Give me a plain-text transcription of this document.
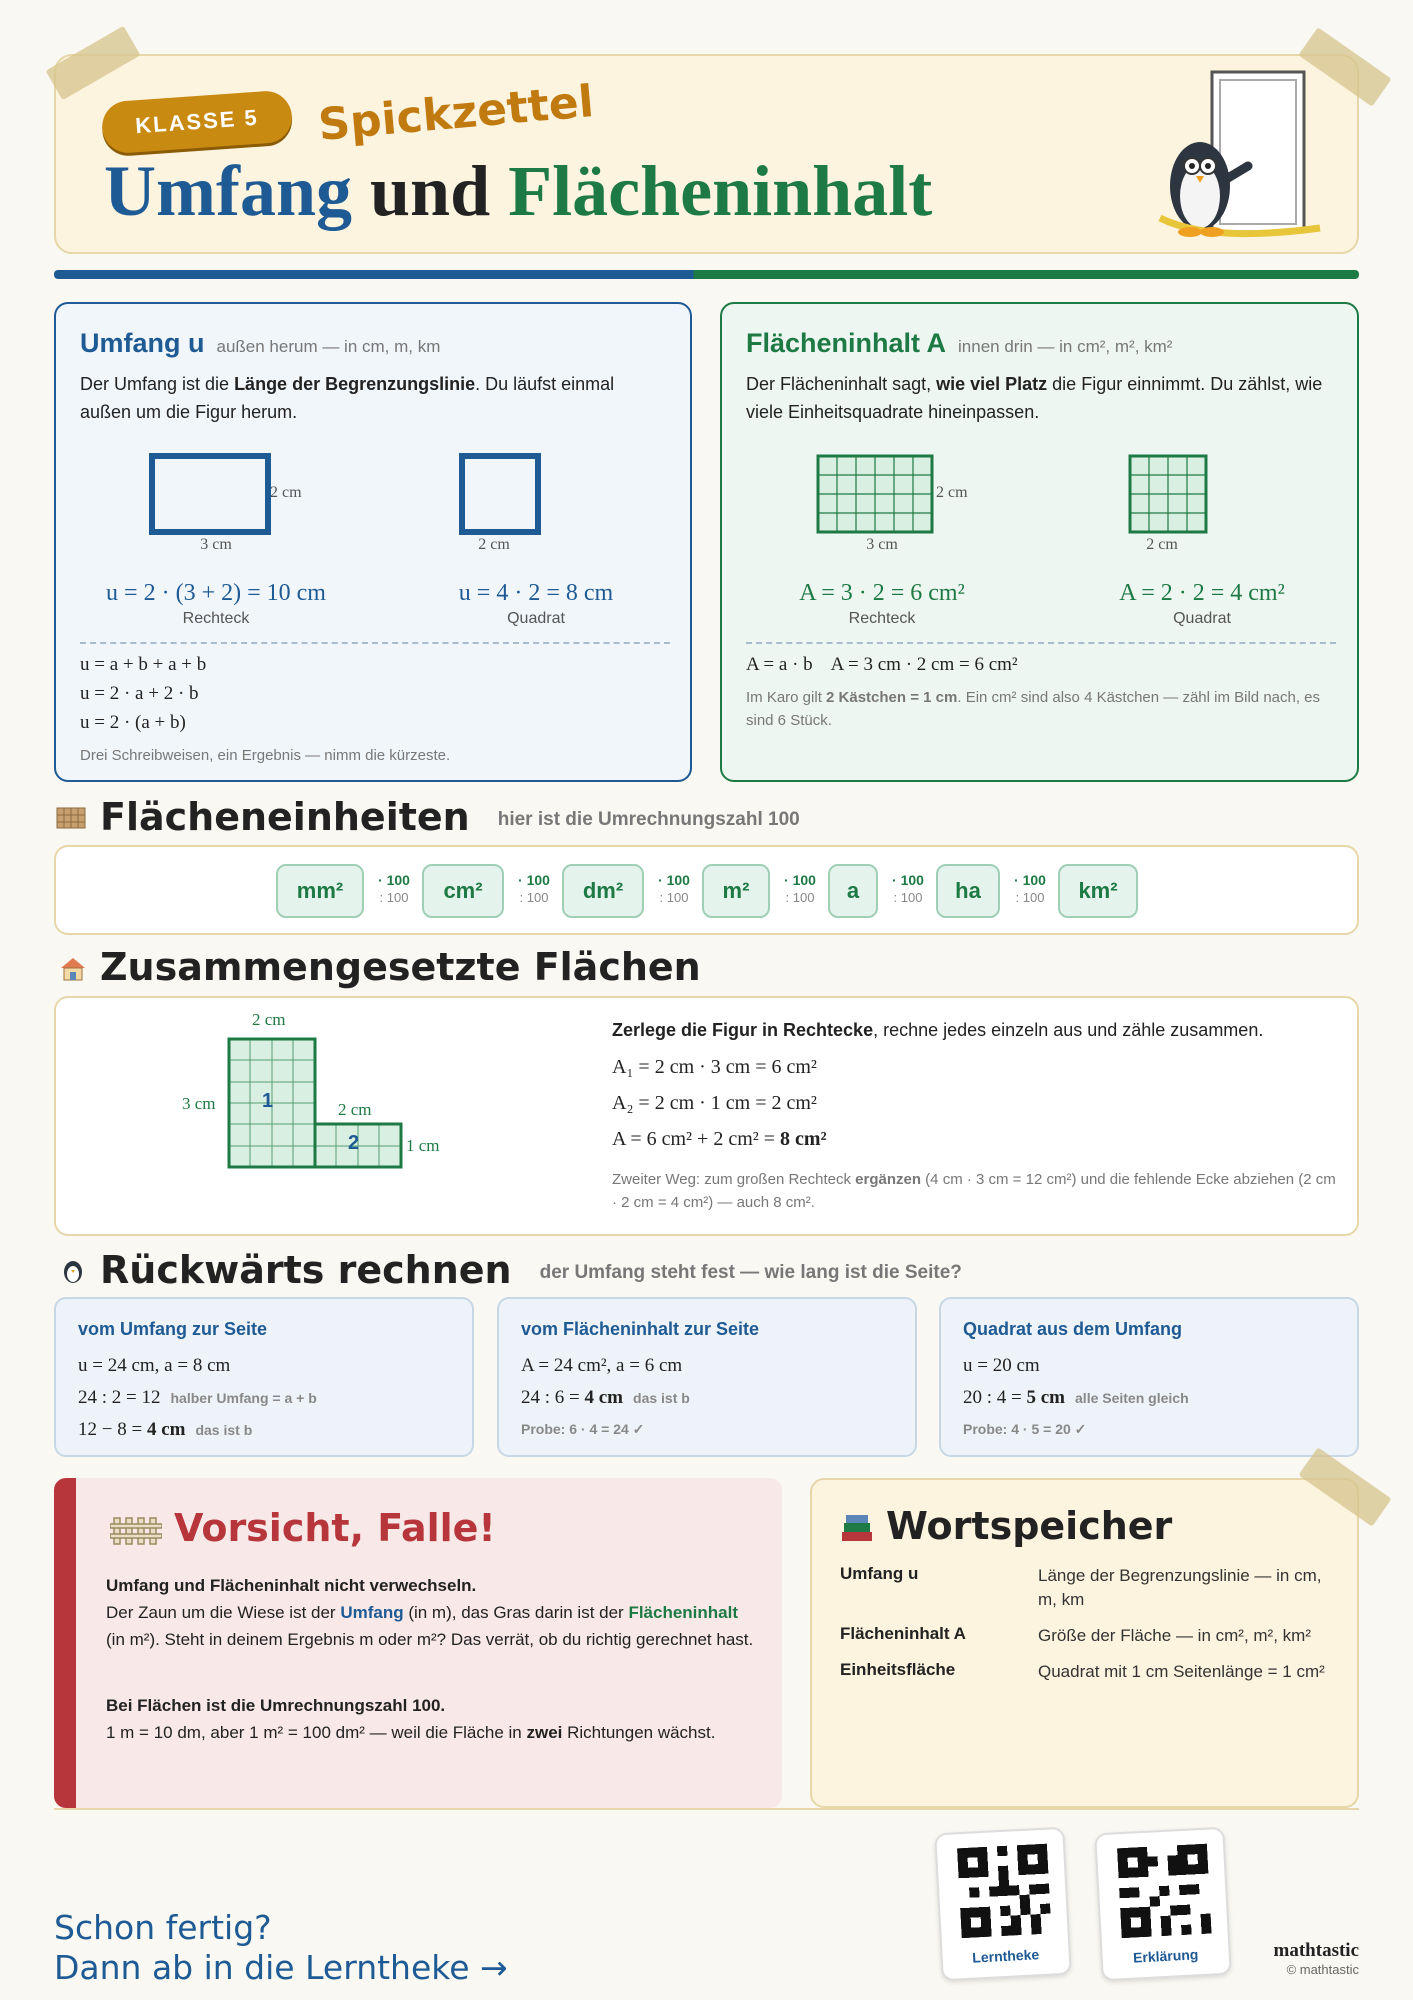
KLASSE 5	Spickzettel
Umfang und Flächeninhalt
Umfang u außen herum — in cm, m, km
Der Umfang ist die Länge der Begrenzungslinie. Du läufst einmal außen um die Figur herum.
3 cm
2 cm
2 cm
u = 2 · (3 + 2) = 10 cm
Rechteck
u = 4 · 2 = 8 cm
Quadrat
u = a + b + a + b
u = 2 · a + 2 · b
u = 2 · (a + b)
Drei Schreibweisen, ein Ergebnis — nimm die kürzeste.
Flächeninhalt A innen drin — in cm², m², km²
Der Flächeninhalt sagt, wie viel Platz die Figur einnimmt. Du zählst, wie viele Einheitsquadrate hineinpassen.
3 cm
2 cm
2 cm
A = 3 · 2 = 6 cm²
Rechteck
A = 2 · 2 = 4 cm²
Quadrat
A = a · b    A = 3 cm · 2 cm = 6 cm²
Im Karo gilt 2 Kästchen = 1 cm. Ein cm² sind also 4 Kästchen — zähl im Bild nach, es sind 6 Stück.
Flächeneinheiten hier ist die Umrechnungszahl 100
mm²	· 100
: 100	cm²	· 100
: 100	dm²	· 100
: 100	m²	· 100
: 100	a	· 100
: 100	ha	· 100
: 100	km²
Zusammengesetzte Flächen
2 cm
3 cm	2 cm
1 cm
1
2
Zerlege die Figur in Rechtecke, rechne jedes einzeln aus und zähle zusammen.
A₁ = 2 cm · 3 cm = 6 cm²
A₂ = 2 cm · 1 cm = 2 cm²
A = 6 cm² + 2 cm² = 8 cm²
Zweiter Weg: zum großen Rechteck ergänzen (4 cm · 3 cm = 12 cm²) und die fehlende Ecke abziehen (2 cm · 2 cm = 4 cm²) — auch 8 cm².
Rückwärts rechnen der Umfang steht fest — wie lang ist die Seite?
vom Umfang zur Seite
u = 24 cm, a = 8 cm
24 : 2 = 12 halber Umfang = a + b
12 − 8 = 4 cm das ist b
vom Flächeninhalt zur Seite
A = 24 cm², a = 6 cm
24 : 6 = 4 cm das ist b
Probe: 6 · 4 = 24 ✓
Quadrat aus dem Umfang
u = 20 cm
20 : 4 = 5 cm alle Seiten gleich
Probe: 4 · 5 = 20 ✓
Vorsicht, Falle!
Umfang und Flächeninhalt nicht verwechseln.
Der Zaun um die Wiese ist der Umfang (in m), das Gras darin ist der Flächeninhalt (in m²). Steht in deinem Ergebnis m oder m²? Das verrät, ob du richtig gerechnet hast.
Bei Flächen ist die Umrechnungszahl 100.
1 m = 10 dm, aber 1 m² = 100 dm² — weil die Fläche in zwei Richtungen wächst.
Wortspeicher
Umfang u	Länge der Begrenzungslinie — in cm, m, km
Flächeninhalt A	Größe der Fläche — in cm², m², km²
Einheitsfläche	Quadrat mit 1 cm Seitenlänge = 1 cm²
Schon fertig?
Dann ab in die Lerntheke →	Lerntheke	Erklärung	mathtastic
© mathtastic
